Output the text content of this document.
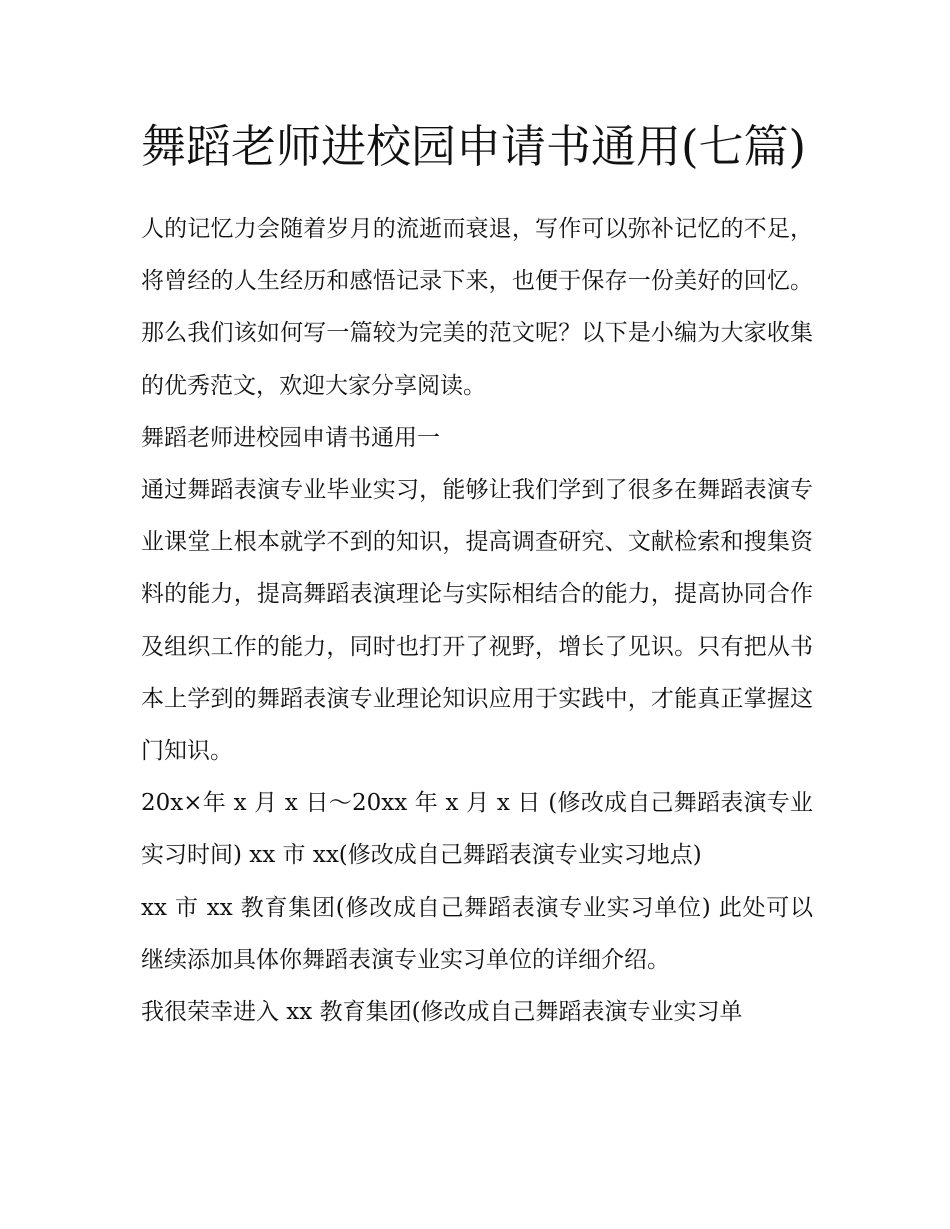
舞蹈老师进校园申请书通用(七篇)

人的记忆力会随着岁月的流逝而衰退，写作可以弥补记忆的不足，将曾经的人生经历和感悟记录下来，也便于保存一份美好的回忆。那么我们该如何写一篇较为完美的范文呢？以下是小编为大家收集的优秀范文，欢迎大家分享阅读。

舞蹈老师进校园申请书通用一

通过舞蹈表演专业毕业实习，能够让我们学到了很多在舞蹈表演专业课堂上根本就学不到的知识，提高调查研究、文献检索和搜集资料的能力，提高舞蹈表演理论与实际相结合的能力，提高协同合作及组织工作的能力，同时也打开了视野，增长了见识。只有把从书本上学到的舞蹈表演专业理论知识应用于实践中，才能真正掌握这门知识。

20x×年 x 月 x 日～20xx 年 x 月 x 日 (修改成自己舞蹈表演专业实习时间) xx 市 xx(修改成自己舞蹈表演专业实习地点)

xx 市 xx 教育集团(修改成自己舞蹈表演专业实习单位) 此处可以继续添加具体你舞蹈表演专业实习单位的详细介绍。

我很荣幸进入 xx 教育集团(修改成自己舞蹈表演专业实习单
